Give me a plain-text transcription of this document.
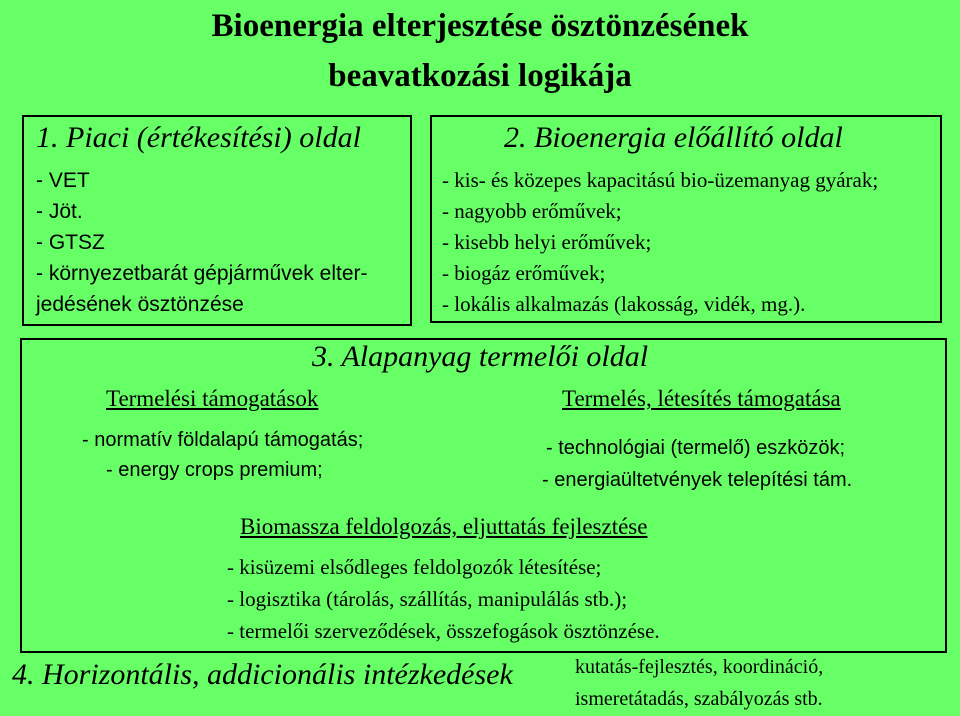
Bioenergia elterjesztése ösztönzésének
beavatkozási logikája
1. Piaci (értékesítési) oldal
- VET
- Jöt.
- GTSZ
- környezetbarát gépjárművek elter-
jedésének ösztönzése
2. Bioenergia előállító oldal
- kis- és közepes kapacitású bio-üzemanyag gyárak;
- nagyobb erőművek;
- kisebb helyi erőművek;
- biogáz erőművek;
- lokális alkalmazás (lakosság, vidék, mg.).
3. Alapanyag termelői oldal
Termelési támogatások
- normatív földalapú támogatás;
- energy crops premium;
Termelés, létesítés támogatása
- technológiai (termelő) eszközök;
- energiaültetvények telepítési tám.
Biomassza feldolgozás, eljuttatás fejlesztése
- kisüzemi elsődleges feldolgozók létesítése;
- logisztika (tárolás, szállítás, manipulálás stb.);
- termelői szerveződések, összefogások ösztönzése.
4. Horizontális, addicionális intézkedések	kutatás-fejlesztés, koordináció,
ismeretátadás, szabályozás stb.
